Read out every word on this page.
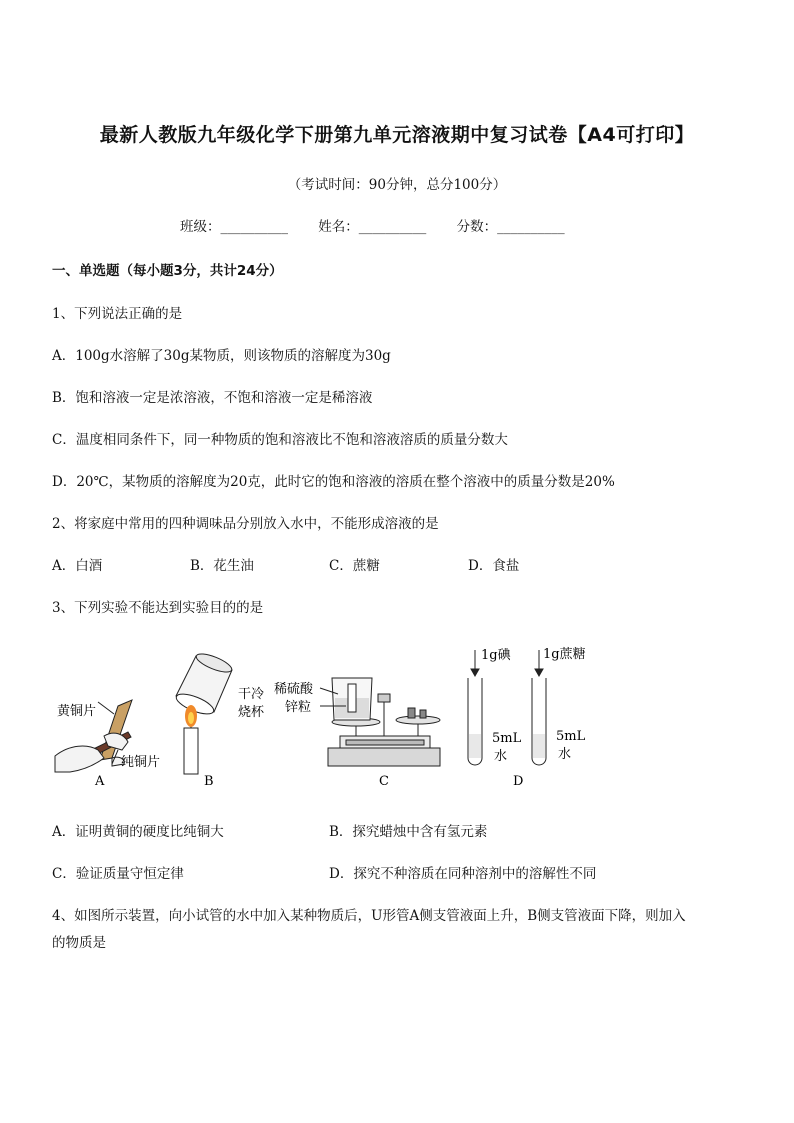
最新人教版九年级化学下册第九单元溶液期中复习试卷【A4可打印】
（考试时间：90分钟，总分100分）
班级：__________ 姓名：__________ 分数：__________
一、单选题（每小题3分，共计24分）
1、下列说法正确的是
A．100g水溶解了30g某物质，则该物质的溶解度为30g
B．饱和溶液一定是浓溶液，不饱和溶液一定是稀溶液
C．温度相同条件下，同一种物质的饱和溶液比不饱和溶液溶质的质量分数大
D．20℃，某物质的溶解度为20克，此时它的饱和溶液的溶质在整个溶液中的质量分数是20%
2、将家庭中常用的四种调味品分别放入水中，不能形成溶液的是
A．白酒	B．花生油	C．蔗糖	D．食盐
3、下列实验不能达到实验目的的是
黄铜片
纯铜片
A
干冷
烧杯
B
稀硫酸
锌粒
C
1g碘 1g蔗糖
5mL
水
5mL
水
D
A．证明黄铜的硬度比纯铜大	B．探究蜡烛中含有氢元素
C．验证质量守恒定律	D．探究不种溶质在同种溶剂中的溶解性不同
4、如图所示装置，向小试管的水中加入某种物质后，U形管A侧支管液面上升，B侧支管液面下降，则加入
的物质是
